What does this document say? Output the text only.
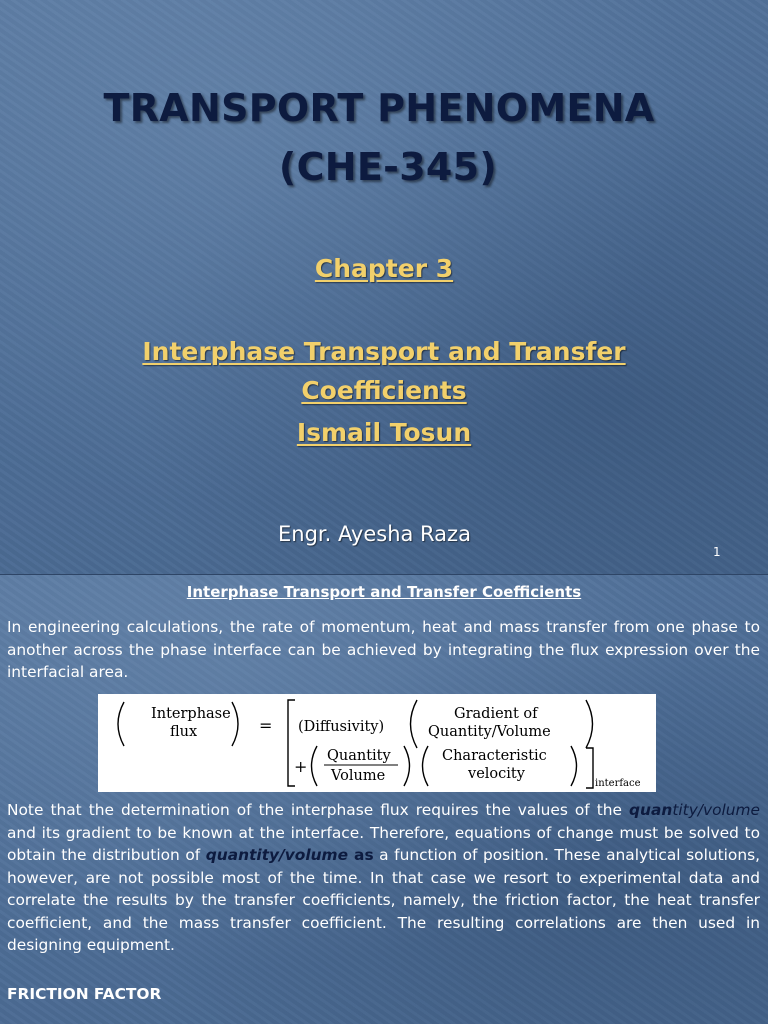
TRANSPORT PHENOMENA
(CHE-345)
Chapter 3
Interphase Transport and Transfer
Coefficients
Ismail Tosun
Engr. Ayesha Raza
1
Interphase Transport and Transfer Coefficients
In engineering calculations, the rate of momentum, heat and mass transfer from one phase to another across the phase interface can be achieved by integrating the flux expression over the interfacial area.
Interphase
flux	= (Diffusivity)
Gradient of
Quantity/Volume
+
Quantity
Volume
Characteristic
velocity
interface
Note that the determination of the interphase flux requires the values of the quantity/volume and its gradient to be known at the interface. Therefore, equations of change must be solved to obtain the distribution of quantity/volume as a function of position. These analytical solutions, however, are not possible most of the time. In that case we resort to experimental data and correlate the results by the transfer coefficients, namely, the friction factor, the heat transfer coefficient, and the mass transfer coefficient. The resulting correlations are then used in designing equipment.
FRICTION FACTOR
